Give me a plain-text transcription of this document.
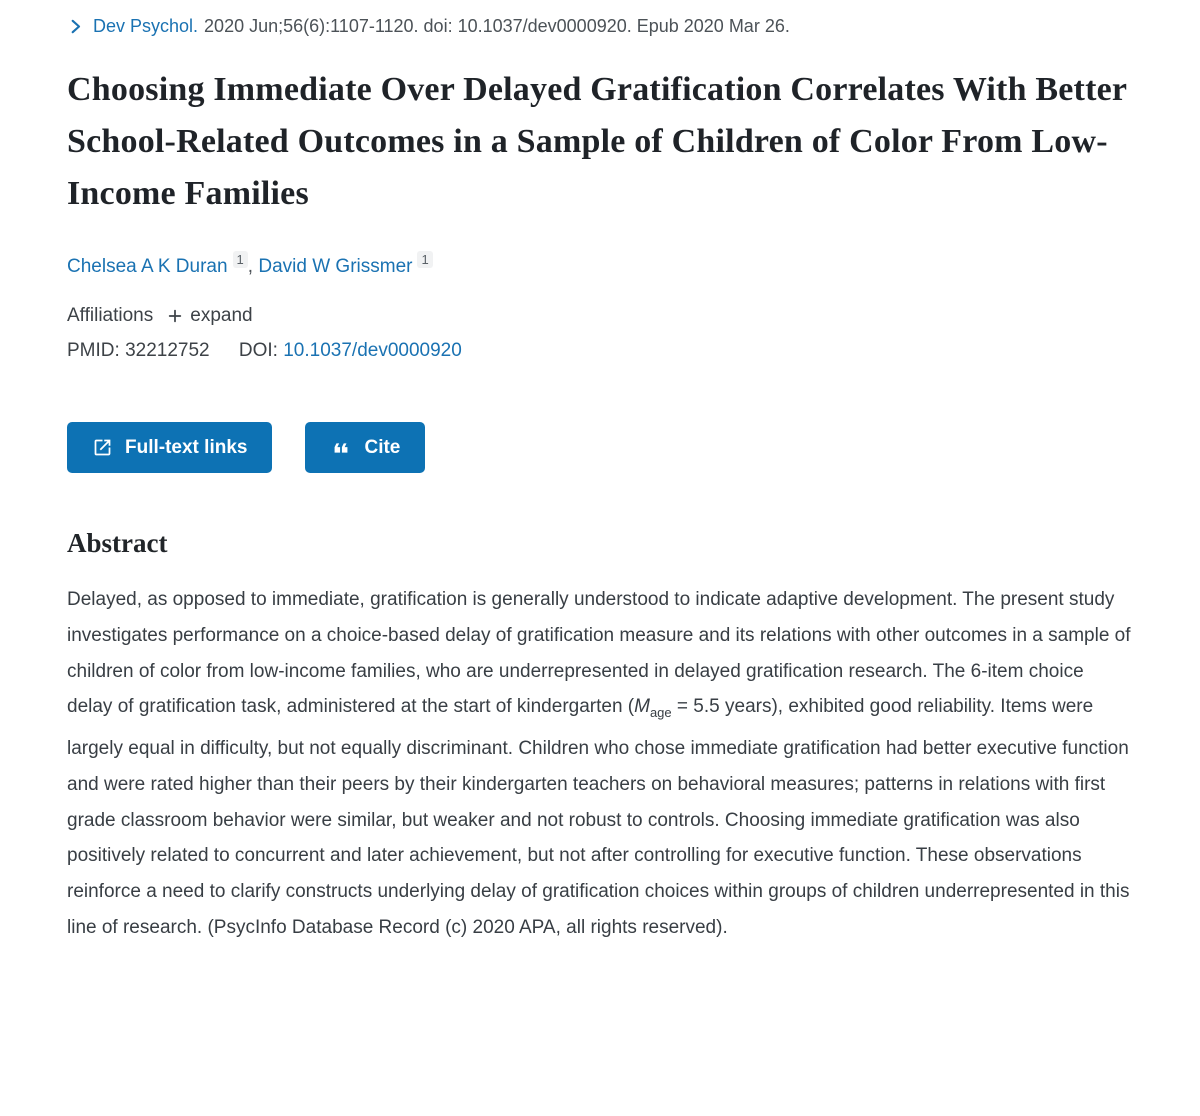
Dev Psychol. 2020 Jun;56(6):1107-1120. doi: 10.1037/dev0000920. Epub 2020 Mar 26.
Choosing Immediate Over Delayed Gratification Correlates With Better School-Related Outcomes in a Sample of Children of Color From Low-Income Families
Chelsea A K Duran 1 , David W Grissmer 1
Affiliations expand
PMID: 32212752 DOI: 10.1037/dev0000920
Full-text links	Cite
Abstract

Delayed, as opposed to immediate, gratification is generally understood to indicate adaptive development. The present study investigates performance on a choice-based delay of gratification measure and its relations with other outcomes in a sample of children of color from low-income families, who are underrepresented in delayed gratification research. The 6-item choice delay of gratification task, administered at the start of kindergarten ($M_{age} = 5.5$ years), exhibited good reliability. Items were largely equal in difficulty, but not equally discriminant. Children who chose immediate gratification had better executive function and were rated higher than their peers by their kindergarten teachers on behavioral measures; patterns in relations with first grade classroom behavior were similar, but weaker and not robust to controls. Choosing immediate gratification was also positively related to concurrent and later achievement, but not after controlling for executive function. These observations reinforce a need to clarify constructs underlying delay of gratification choices within groups of children underrepresented in this line of research. (PsycInfo Database Record (c) 2020 APA, all rights reserved).
